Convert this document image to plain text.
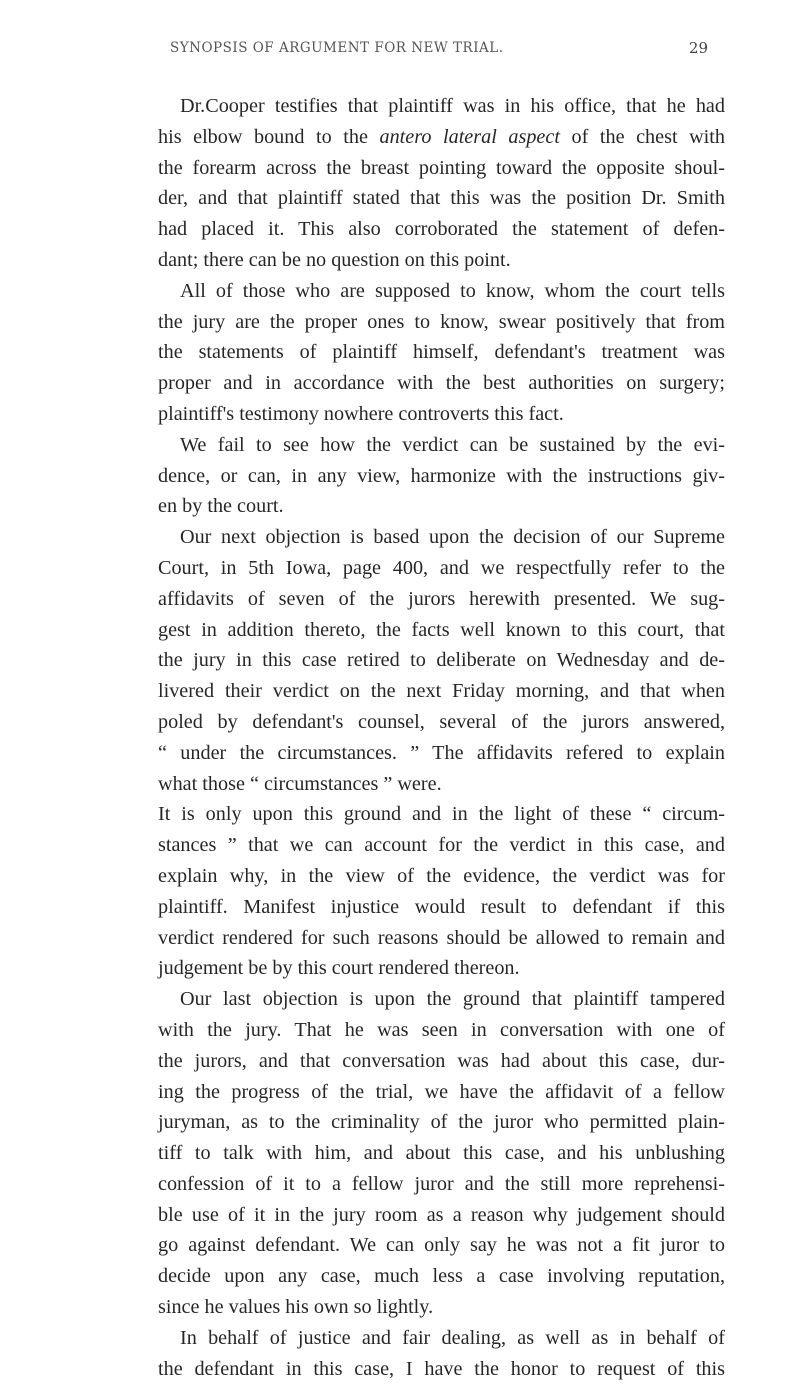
SYNOPSIS OF ARGUMENT FOR NEW TRIAL.	29
Dr.Cooper testifies that plaintiff was in his office, that he had
his elbow bound to the antero lateral aspect of the chest with
the forearm across the breast pointing toward the opposite shoul-
der, and that plaintiff stated that this was the position Dr. Smith
had placed it. This also corroborated the statement of defen-
dant; there can be no question on this point.
All of those who are supposed to know, whom the court tells
the jury are the proper ones to know, swear positively that from
the statements of plaintiff himself, defendant's treatment was
proper and in accordance with the best authorities on surgery;
plaintiff's testimony nowhere controverts this fact.
We fail to see how the verdict can be sustained by the evi-
dence, or can, in any view, harmonize with the instructions giv-
en by the court.
Our next objection is based upon the decision of our Supreme
Court, in 5th Iowa, page 400, and we respectfully refer to the
affidavits of seven of the jurors herewith presented. We sug-
gest in addition thereto, the facts well known to this court, that
the jury in this case retired to deliberate on Wednesday and de-
livered their verdict on the next Friday morning, and that when
poled by defendant's counsel, several of the jurors answered,
“ under the circumstances. ” The affidavits refered to explain
what those “ circumstances ” were.
It is only upon this ground and in the light of these “ circum-
stances ” that we can account for the verdict in this case, and
explain why, in the view of the evidence, the verdict was for
plaintiff. Manifest injustice would result to defendant if this
verdict rendered for such reasons should be allowed to remain and
judgement be by this court rendered thereon.
Our last objection is upon the ground that plaintiff tampered
with the jury. That he was seen in conversation with one of
the jurors, and that conversation was had about this case, dur-
ing the progress of the trial, we have the affidavit of a fellow
juryman, as to the criminality of the juror who permitted plain-
tiff to talk with him, and about this case, and his unblushing
confession of it to a fellow juror and the still more reprehensi-
ble use of it in the jury room as a reason why judgement should
go against defendant. We can only say he was not a fit juror to
decide upon any case, much less a case involving reputation,
since he values his own so lightly.
In behalf of justice and fair dealing, as well as in behalf of
the defendant in this case, I have the honor to request of this
